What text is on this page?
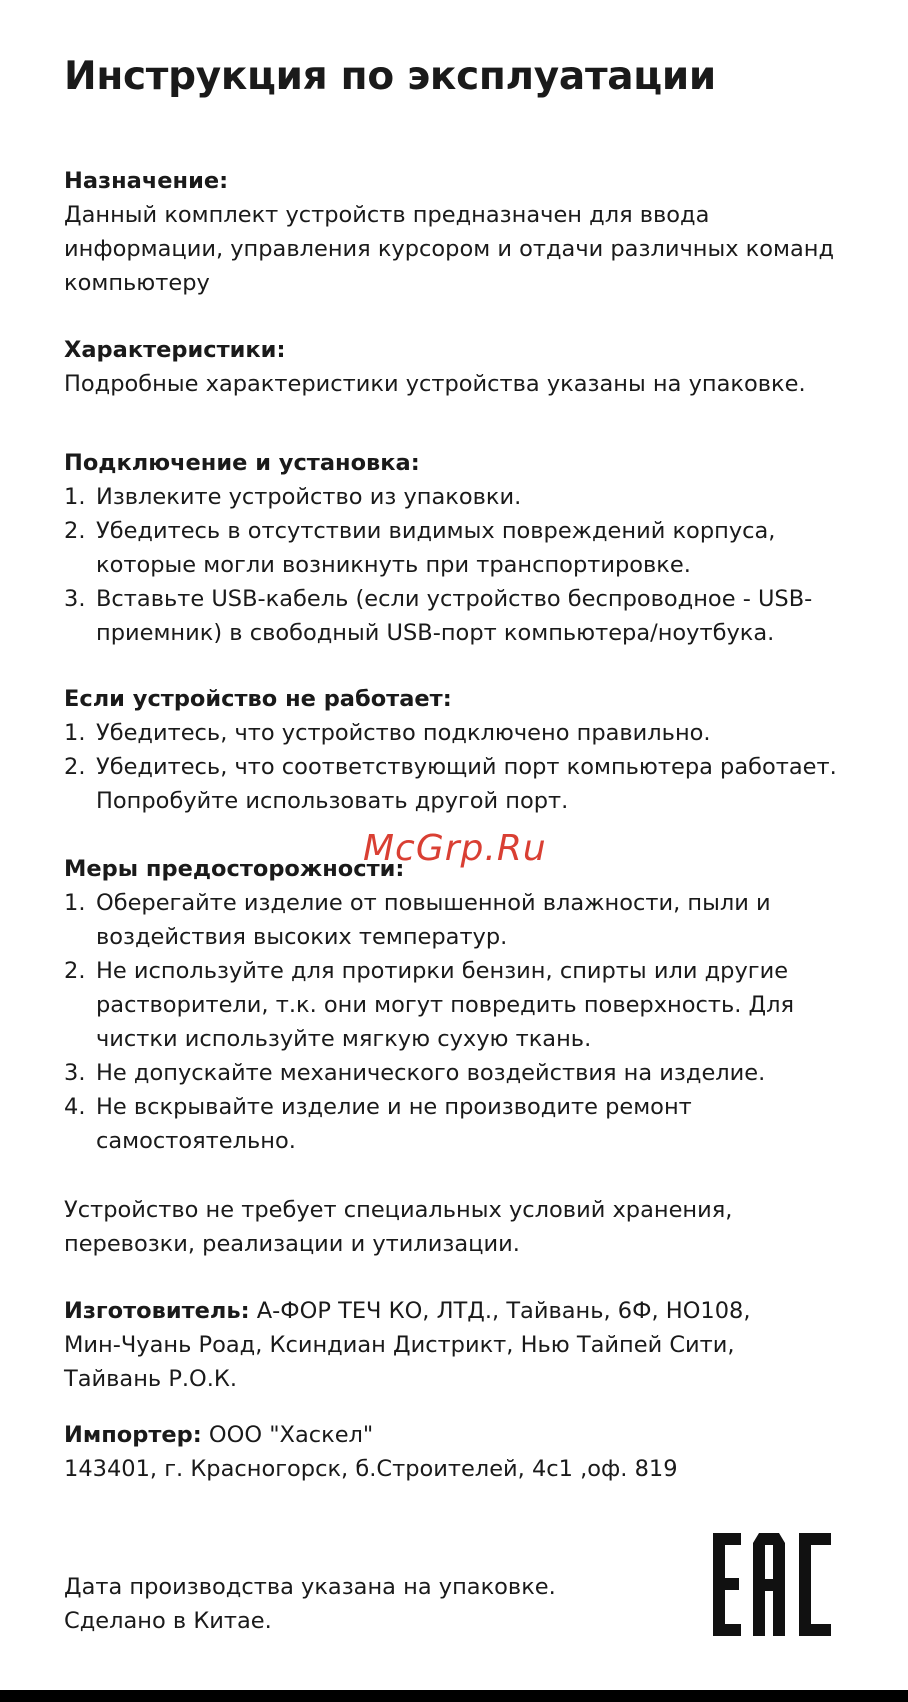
Инструкция по эксплуатации
Назначение:
Данный комплект устройств предназначен для ввода информации, управления курсором и отдачи различных команд компьютеру
Характеристики:
Подробные характеристики устройства указаны на упаковке.
Подключение и установка:
1. Извлеките устройство из упаковки.
2. Убедитесь в отсутствии видимых повреждений корпуса, которые могли возникнуть при транспортировке.
3. Вставьте USB-кабель (если устройство беспроводное - USB-приемник) в свободный USB-порт компьютера/ноутбука.
Если устройство не работает:
1. Убедитесь, что устройство подключено правильно.
2. Убедитесь, что соответствующий порт компьютера работает. Попробуйте использовать другой порт.
Меры предосторожности:
1. Оберегайте изделие от повышенной влажности, пыли и воздействия высоких температур.
2. Не используйте для протирки бензин, спирты или другие растворители, т.к. они могут повредить поверхность. Для чистки используйте мягкую сухую ткань.
3. Не допускайте механического воздействия на изделие.
4. Не вскрывайте изделие и не производите ремонт самостоятельно.
Устройство не требует специальных условий хранения, перевозки, реализации и утилизации.
Изготовитель: А-ФОР ТЕЧ КО, ЛТД., Тайвань, 6Ф, НО108, Мин-Чуань Роад, Ксиндиан Дистрикт, Нью Тайпей Сити, Тайвань Р.О.К.
Импортер: ООО "Хаскел"
143401, г. Красногорск, б.Строителей, 4с1 ,оф. 819
Дата производства указана на упаковке.
Сделано в Китае.
McGrp.Ru
